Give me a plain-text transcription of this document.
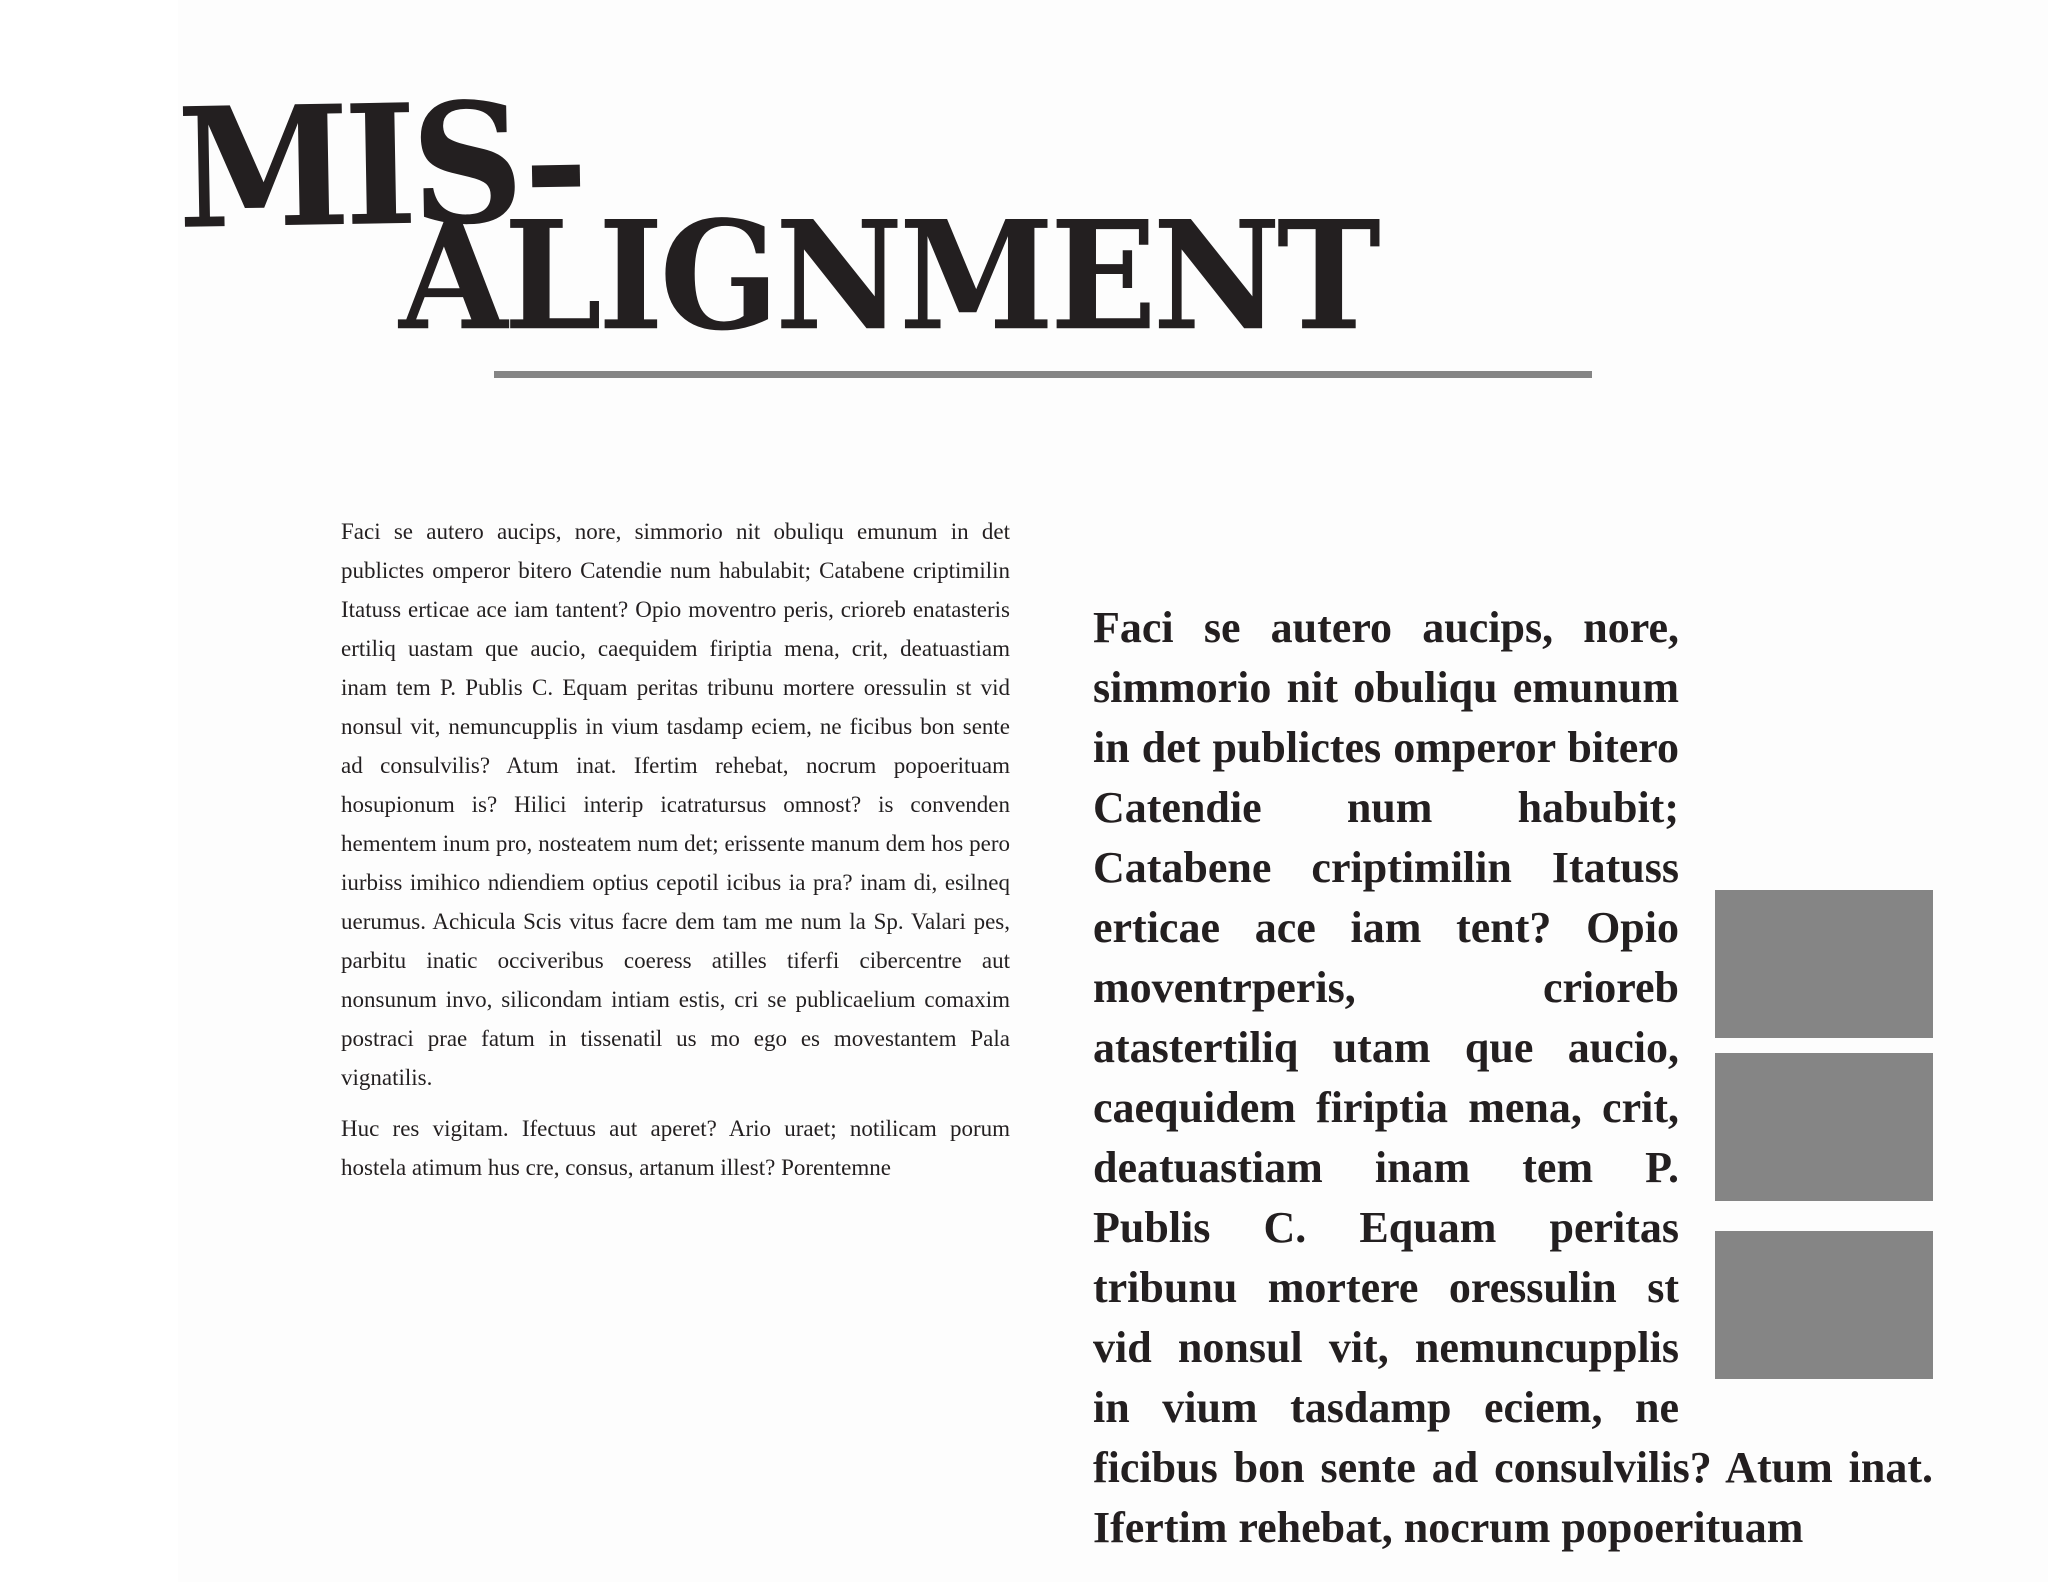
MIS-
ALIGNMENT

Faci se autero aucips, nore, simmorio nit obuliqu emunum in det publictes omperor bitero Catendie num habulabit; Catabene criptimilin Itatuss erticae ace iam tantent? Opio moventro peris, crioreb enatasteris ertiliq uastam que aucio, caequidem firiptia mena, crit, deatuastiam inam tem P. Publis C. Equam peritas tribunu mortere oressulin st vid nonsul vit, nemuncupplis in vium tasdamp eciem, ne ficibus bon sente ad consulvilis? Atum inat. Ifertim rehebat, nocrum popoerituam hosupionum is? Hilici interip icatratursus omnost? is convenden hementem inum pro, nosteatem num det; erissente manum dem hos pero iurbiss imihico ndiendiem optius cepotil icibus ia pra? inam di, esilneq uerumus. Achicula Scis vitus facre dem tam me num la Sp. Valari pes, parbitu inatic occiveribus coeress atilles tiferfi cibercentre aut nonsunum invo, silicondam intiam estis, cri se publicaelium comaxim postraci prae fatum in tissenatil us mo ego es movestantem Pala vignatilis.

Huc res vigitam. Ifectuus aut aperet? Ario uraet; notilicam porum hostela atimum hus cre, consus, artanum illest? Porentemne

Faci se autero aucips, nore, simmorio nit obuliqu emunum in det publictes omperor bitero Catendie num habubit; Catabene criptimilin Itatuss erticae ace iam tent? Opio moventrperis, crioreb atastertiliq utam que aucio, caequidem firiptia mena, crit, deatuastiam inam tem P. Publis C. Equam peritas tribunu mortere oressulin st vid nonsul vit, nemuncupplis in vium tasdamp eciem, ne ficibus bon sente ad consulvilis? Atum inat. Ifertim rehebat, nocrum popoerituam
